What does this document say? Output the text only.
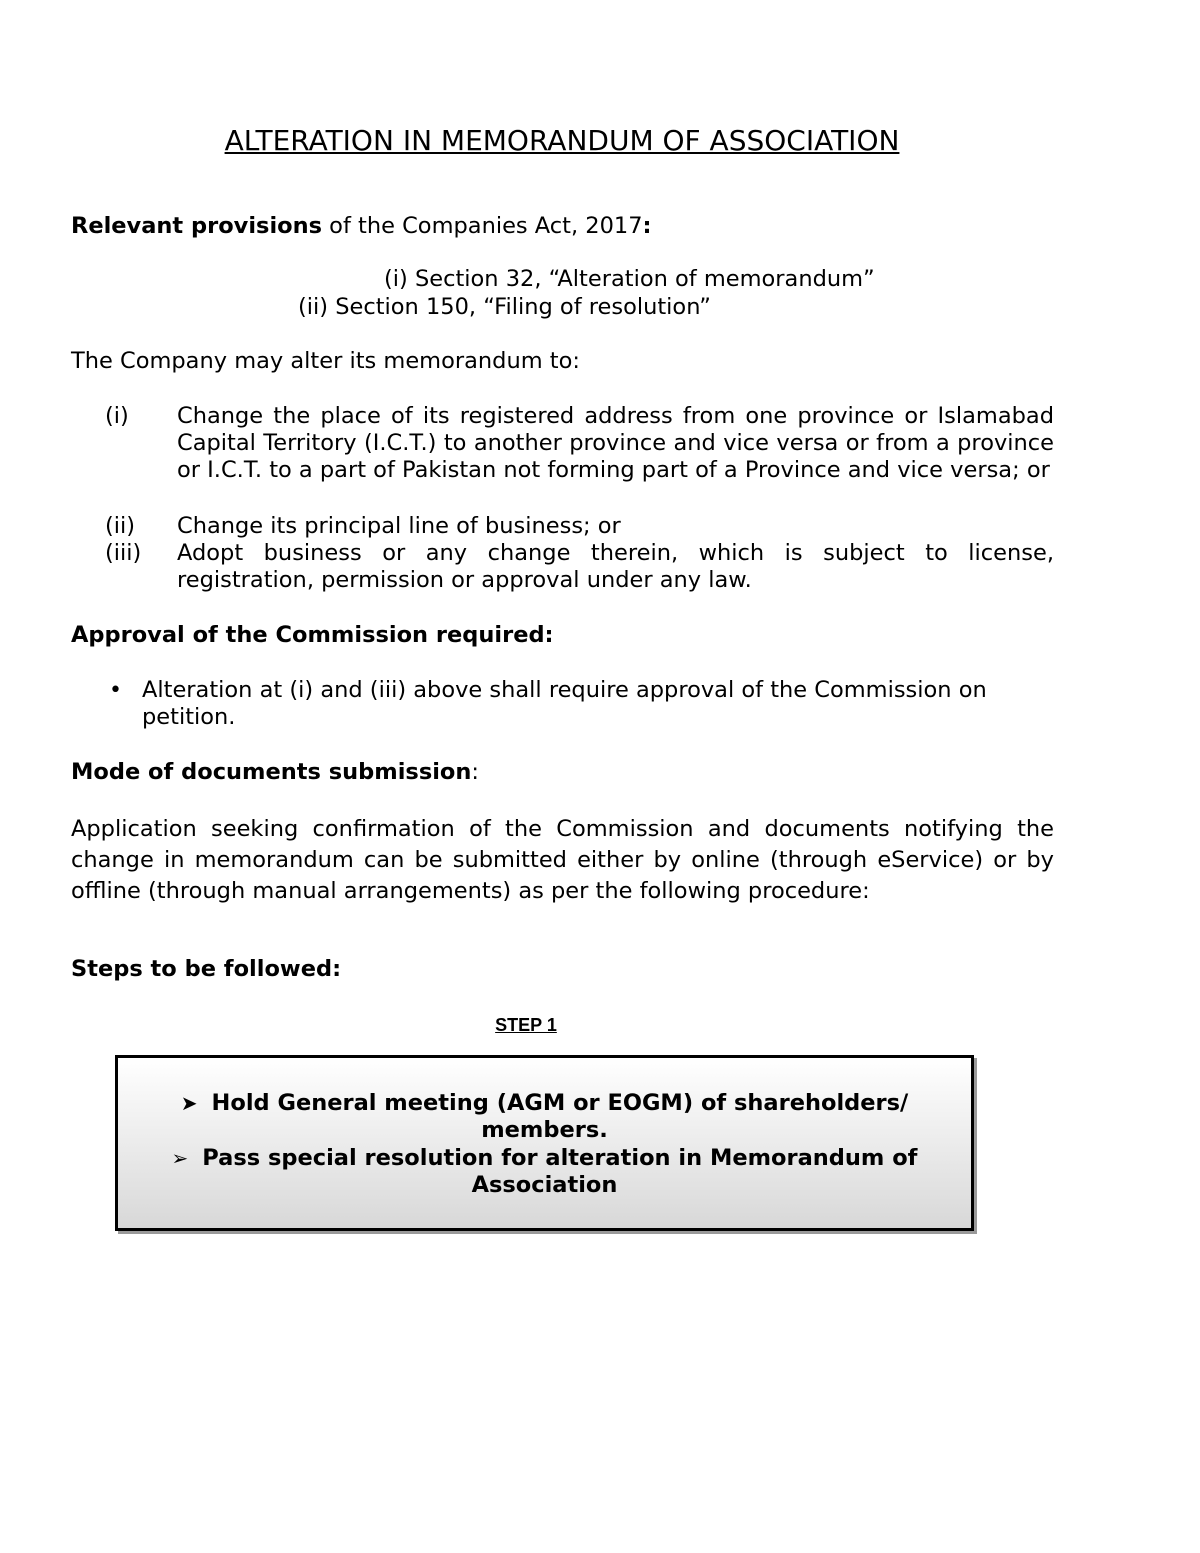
ALTERATION IN MEMORANDUM OF ASSOCIATION
Relevant provisions of the Companies Act, 2017:
(i) Section 32, “Alteration of memorandum”
(ii) Section 150, “Filing of resolution”
The Company may alter its memorandum to:
(i) Change the place of its registered address from one province or Islamabad Capital Territory (I.C.T.) to another province and vice versa or from a province or I.C.T. to a part of Pakistan not forming part of a Province and vice versa; or
(ii) Change its principal line of business; or
(iii) Adopt business or any change therein, which is subject to license, registration, permission or approval under any law.
Approval of the Commission required:
• Alteration at (i) and (iii) above shall require approval of the Commission on petition.
Mode of documents submission:
Application seeking confirmation of the Commission and documents notifying the change in memorandum can be submitted either by online (through eService) or by offline (through manual arrangements) as per the following procedure:
Steps to be followed:
STEP 1
➤ Hold General meeting (AGM or EOGM) of shareholders/ members.
➢ Pass special resolution for alteration in Memorandum of Association
